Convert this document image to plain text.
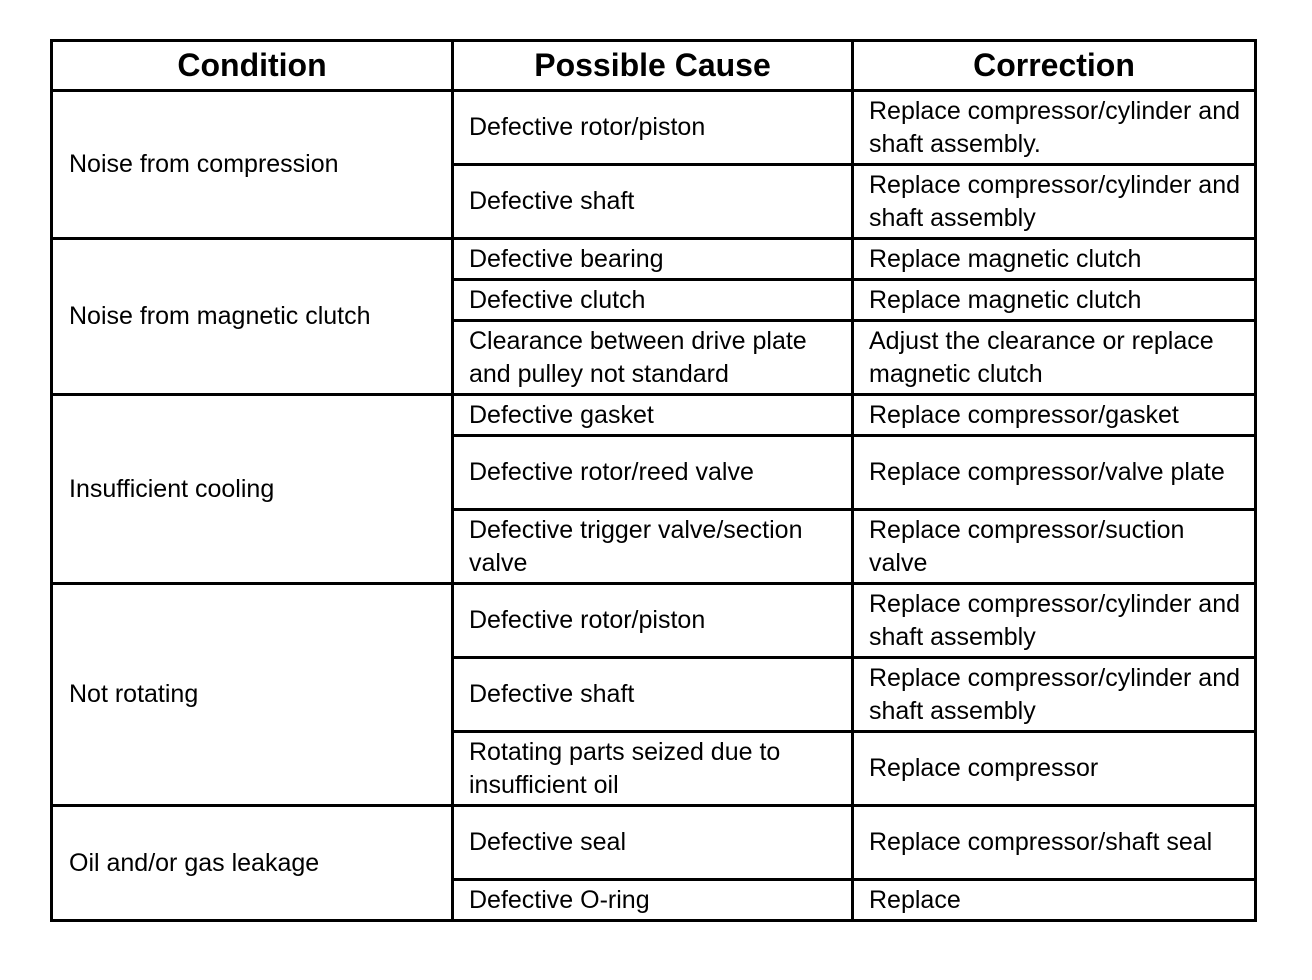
Condition	Possible Cause	Correction
Noise from compression	Defective rotor/piston	Replace compressor/cylinder and shaft assembly.
	Defective shaft	Replace compressor/cylinder and shaft assembly
Noise from magnetic clutch	Defective bearing	Replace magnetic clutch
	Defective clutch	Replace magnetic clutch
	Clearance between drive plate and pulley not standard	Adjust the clearance or replace magnetic clutch
Insufficient cooling	Defective gasket	Replace compressor/gasket
	Defective rotor/reed valve	Replace compressor/valve plate
	Defective trigger valve/section valve	Replace compressor/suction valve
Not rotating	Defective rotor/piston	Replace compressor/cylinder and shaft assembly
	Defective shaft	Replace compressor/cylinder and shaft assembly
	Rotating parts seized due to insufficient oil	Replace compressor
Oil and/or gas leakage	Defective seal	Replace compressor/shaft seal
	Defective O-ring	Replace
